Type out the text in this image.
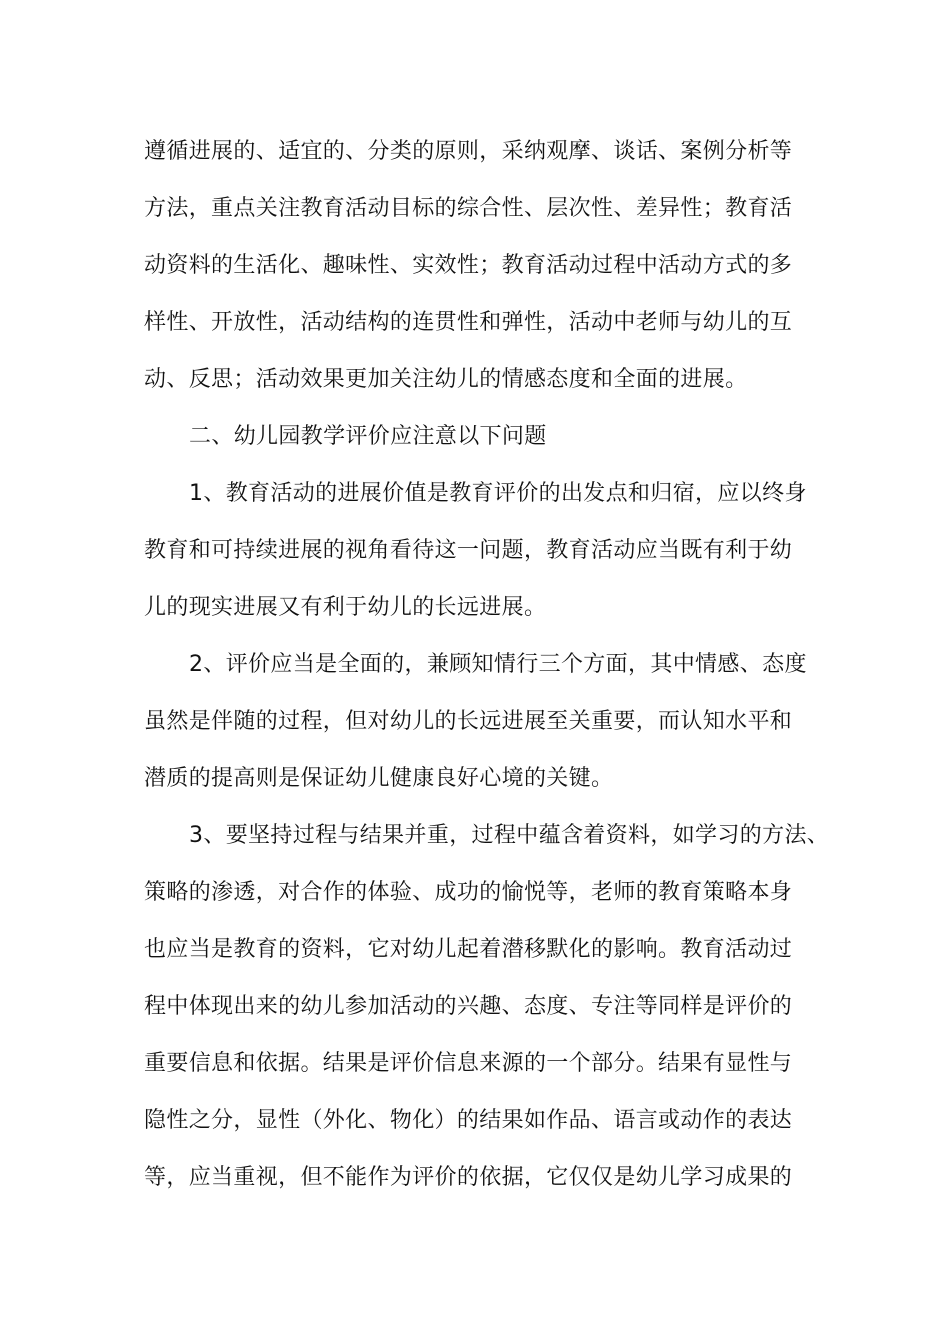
遵循进展的、适宜的、分类的原则，采纳观摩、谈话、案例分析等
方法，重点关注教育活动目标的综合性、层次性、差异性；教育活
动资料的生活化、趣味性、实效性；教育活动过程中活动方式的多
样性、开放性，活动结构的连贯性和弹性，活动中老师与幼儿的互
动、反思；活动效果更加关注幼儿的情感态度和全面的进展。
二、幼儿园教学评价应注意以下问题
1、教育活动的进展价值是教育评价的出发点和归宿，应以终身
教育和可持续进展的视角看待这一问题，教育活动应当既有利于幼
儿的现实进展又有利于幼儿的长远进展。
2、评价应当是全面的，兼顾知情行三个方面，其中情感、态度
虽然是伴随的过程，但对幼儿的长远进展至关重要，而认知水平和
潜质的提高则是保证幼儿健康良好心境的关键。
3、要坚持过程与结果并重，过程中蕴含着资料，如学习的方法、
策略的渗透，对合作的体验、成功的愉悦等，老师的教育策略本身
也应当是教育的资料，它对幼儿起着潜移默化的影响。教育活动过
程中体现出来的幼儿参加活动的兴趣、态度、专注等同样是评价的
重要信息和依据。结果是评价信息来源的一个部分。结果有显性与
隐性之分，显性（外化、物化）的结果如作品、语言或动作的表达
等，应当重视，但不能作为评价的依据，它仅仅是幼儿学习成果的
